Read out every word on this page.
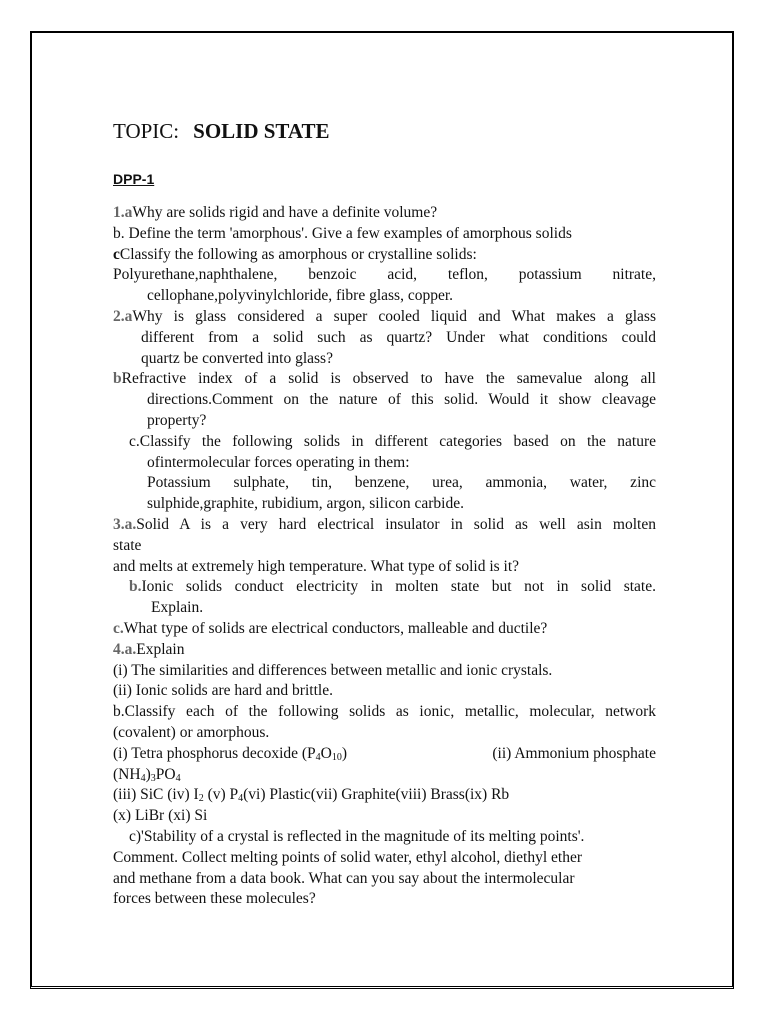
TOPIC: SOLID STATE
DPP-1
1.aWhy are solids rigid and have a definite volume?
b. Define the term 'amorphous'. Give a few examples of amorphous solids
cClassify the following as amorphous or crystalline solids:
Polyurethane,naphthalene, benzoic acid, teflon, potassium nitrate,
cellophane,polyvinylchloride, fibre glass, copper.
2.aWhy is glass considered a super cooled liquid and What makes a glass
different from a solid such as quartz? Under what conditions could
quartz be converted into glass?
bRefractive index of a solid is observed to have the samevalue along all
directions.Comment on the nature of this solid. Would it show cleavage
property?
c.Classify the following solids in different categories based on the nature
ofintermolecular forces operating in them:
Potassium sulphate, tin, benzene, urea, ammonia, water, zinc
sulphide,graphite, rubidium, argon, silicon carbide.
3.a.Solid A is a very hard electrical insulator in solid as well asin molten
state
and melts at extremely high temperature. What type of solid is it?
b.Ionic solids conduct electricity in molten state but not in solid state.
Explain.
c.What type of solids are electrical conductors, malleable and ductile?
4.a.Explain
(i) The similarities and differences between metallic and ionic crystals.
(ii) Ionic solids are hard and brittle.
b.Classify each of the following solids as ionic, metallic, molecular, network
(covalent) or amorphous.
(i) Tetra phosphorus decoxide $(P_4O_{10})$	(ii) Ammonium phosphate
$(NH_4)_3PO_4$
(iii) SiC (iv) $I_2$ (v) $P_4(vi)$ Plastic(vii) Graphite(viii) Brass(ix) Rb
(x) LiBr (xi) Si
c)'Stability of a crystal is reflected in the magnitude of its melting points'.
Comment. Collect melting points of solid water, ethyl alcohol, diethyl ether
and methane from a data book. What can you say about the intermolecular
forces between these molecules?
